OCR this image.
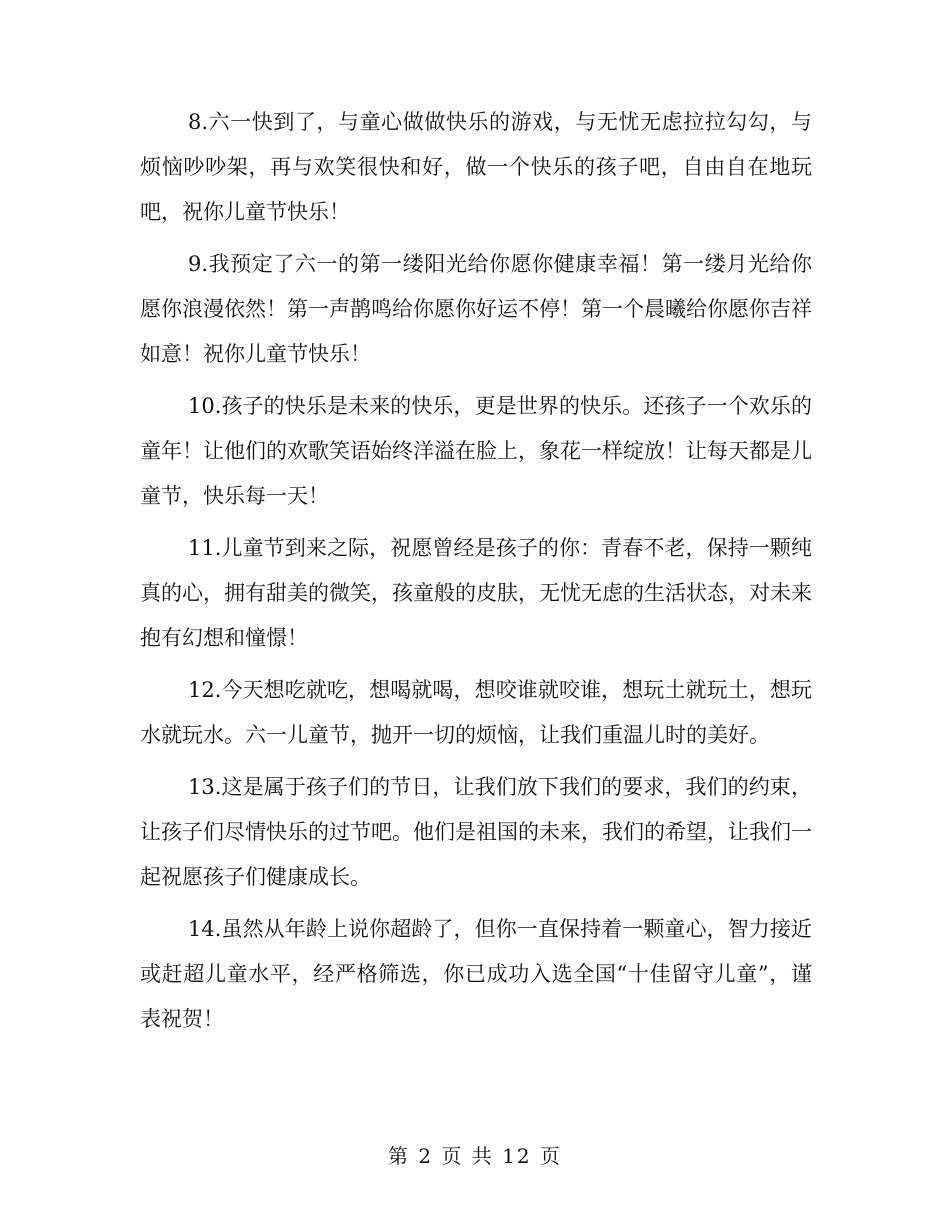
8.六一快到了，与童心做做快乐的游戏，与无忧无虑拉拉勾勾，与烦恼吵吵架，再与欢笑很快和好，做一个快乐的孩子吧，自由自在地玩吧，祝你儿童节快乐！

9.我预定了六一的第一缕阳光给你愿你健康幸福！第一缕月光给你愿你浪漫依然！第一声鹊鸣给你愿你好运不停！第一个晨曦给你愿你吉祥如意！祝你儿童节快乐！

10.孩子的快乐是未来的快乐，更是世界的快乐。还孩子一个欢乐的童年！让他们的欢歌笑语始终洋溢在脸上，象花一样绽放！让每天都是儿童节，快乐每一天！

11.儿童节到来之际，祝愿曾经是孩子的你：青春不老，保持一颗纯真的心，拥有甜美的微笑，孩童般的皮肤，无忧无虑的生活状态，对未来抱有幻想和憧憬！

12.今天想吃就吃，想喝就喝，想咬谁就咬谁，想玩土就玩土，想玩水就玩水。六一儿童节，抛开一切的烦恼，让我们重温儿时的美好。

13.这是属于孩子们的节日，让我们放下我们的要求，我们的约束，让孩子们尽情快乐的过节吧。他们是祖国的未来，我们的希望，让我们一起祝愿孩子们健康成长。

14.虽然从年龄上说你超龄了，但你一直保持着一颗童心，智力接近或赶超儿童水平，经严格筛选，你已成功入选全国“十佳留守儿童”，谨表祝贺！

第 2 页 共 12 页
